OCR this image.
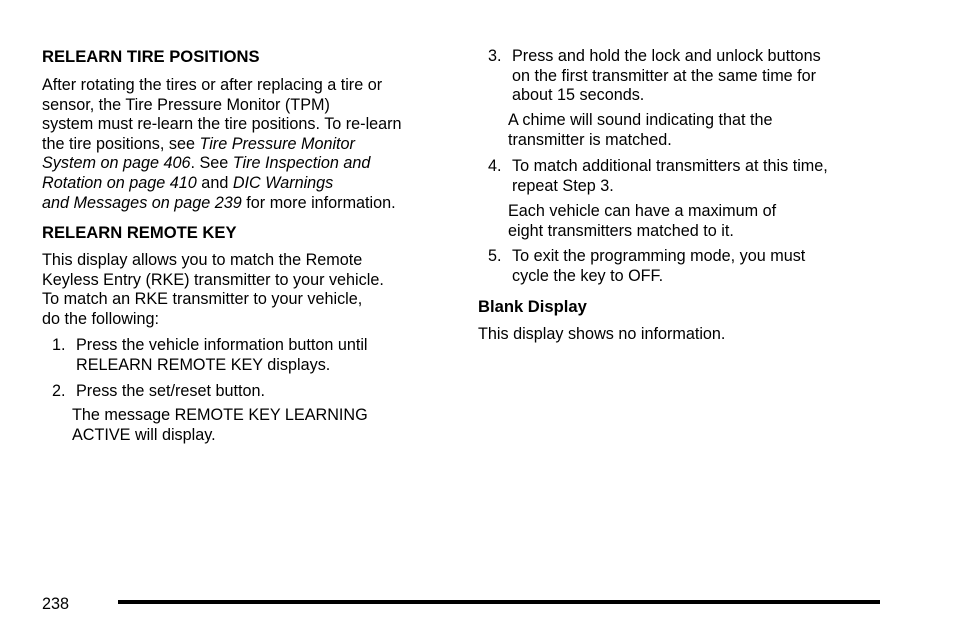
RELEARN TIRE POSITIONS
After rotating the tires or after replacing a tire or
sensor, the Tire Pressure Monitor (TPM)
system must re-learn the tire positions. To re-learn
the tire positions, see Tire Pressure Monitor
System on page 406. See Tire Inspection and
Rotation on page 410 and DIC Warnings
and Messages on page 239 for more information.
RELEARN REMOTE KEY
This display allows you to match the Remote
Keyless Entry (RKE) transmitter to your vehicle.
To match an RKE transmitter to your vehicle,
do the following:
1. Press the vehicle information button until
RELEARN REMOTE KEY displays.
2. Press the set/reset button.
The message REMOTE KEY LEARNING
ACTIVE will display.
3. Press and hold the lock and unlock buttons
on the first transmitter at the same time for
about 15 seconds.
A chime will sound indicating that the
transmitter is matched.
4. To match additional transmitters at this time,
repeat Step 3.
Each vehicle can have a maximum of
eight transmitters matched to it.
5. To exit the programming mode, you must
cycle the key to OFF.
Blank Display
This display shows no information.
238
